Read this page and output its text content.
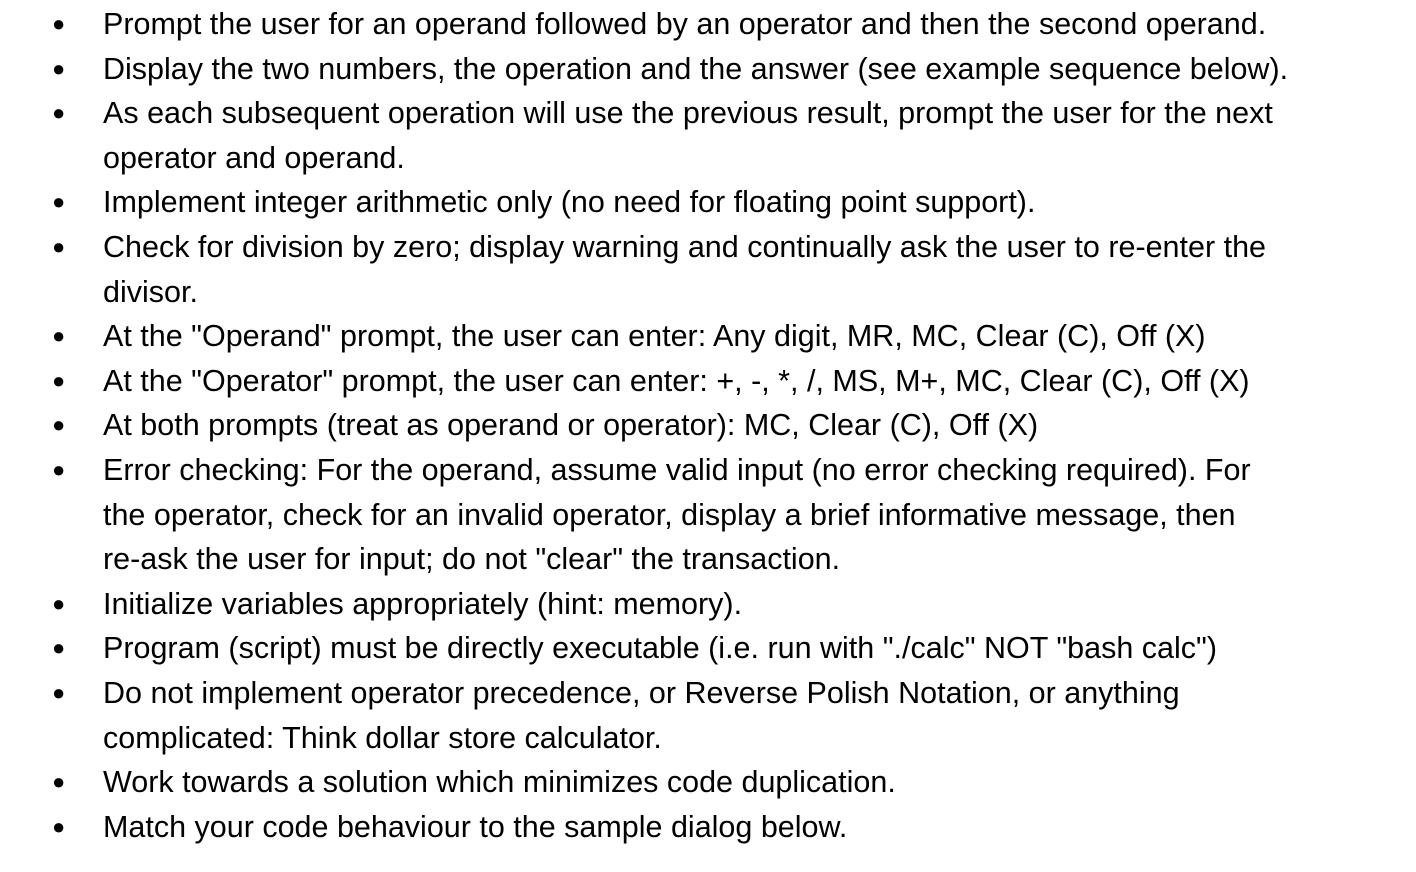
● Prompt the user for an operand followed by an operator and then the second operand.
● Display the two numbers, the operation and the answer (see example sequence below).
● As each subsequent operation will use the previous result, prompt the user for the next
operator and operand.
● Implement integer arithmetic only (no need for floating point support).
● Check for division by zero; display warning and continually ask the user to re-enter the
divisor.
● At the "Operand" prompt, the user can enter: Any digit, MR, MC, Clear (C), Off (X)
● At the "Operator" prompt, the user can enter: +, -, *, /, MS, M+, MC, Clear (C), Off (X)
● At both prompts (treat as operand or operator): MC, Clear (C), Off (X)
● Error checking: For the operand, assume valid input (no error checking required). For
the operator, check for an invalid operator, display a brief informative message, then
re-ask the user for input; do not "clear" the transaction.
● Initialize variables appropriately (hint: memory).
● Program (script) must be directly executable (i.e. run with "./calc" NOT "bash calc")
● Do not implement operator precedence, or Reverse Polish Notation, or anything
complicated: Think dollar store calculator.
● Work towards a solution which minimizes code duplication.
● Match your code behaviour to the sample dialog below.
